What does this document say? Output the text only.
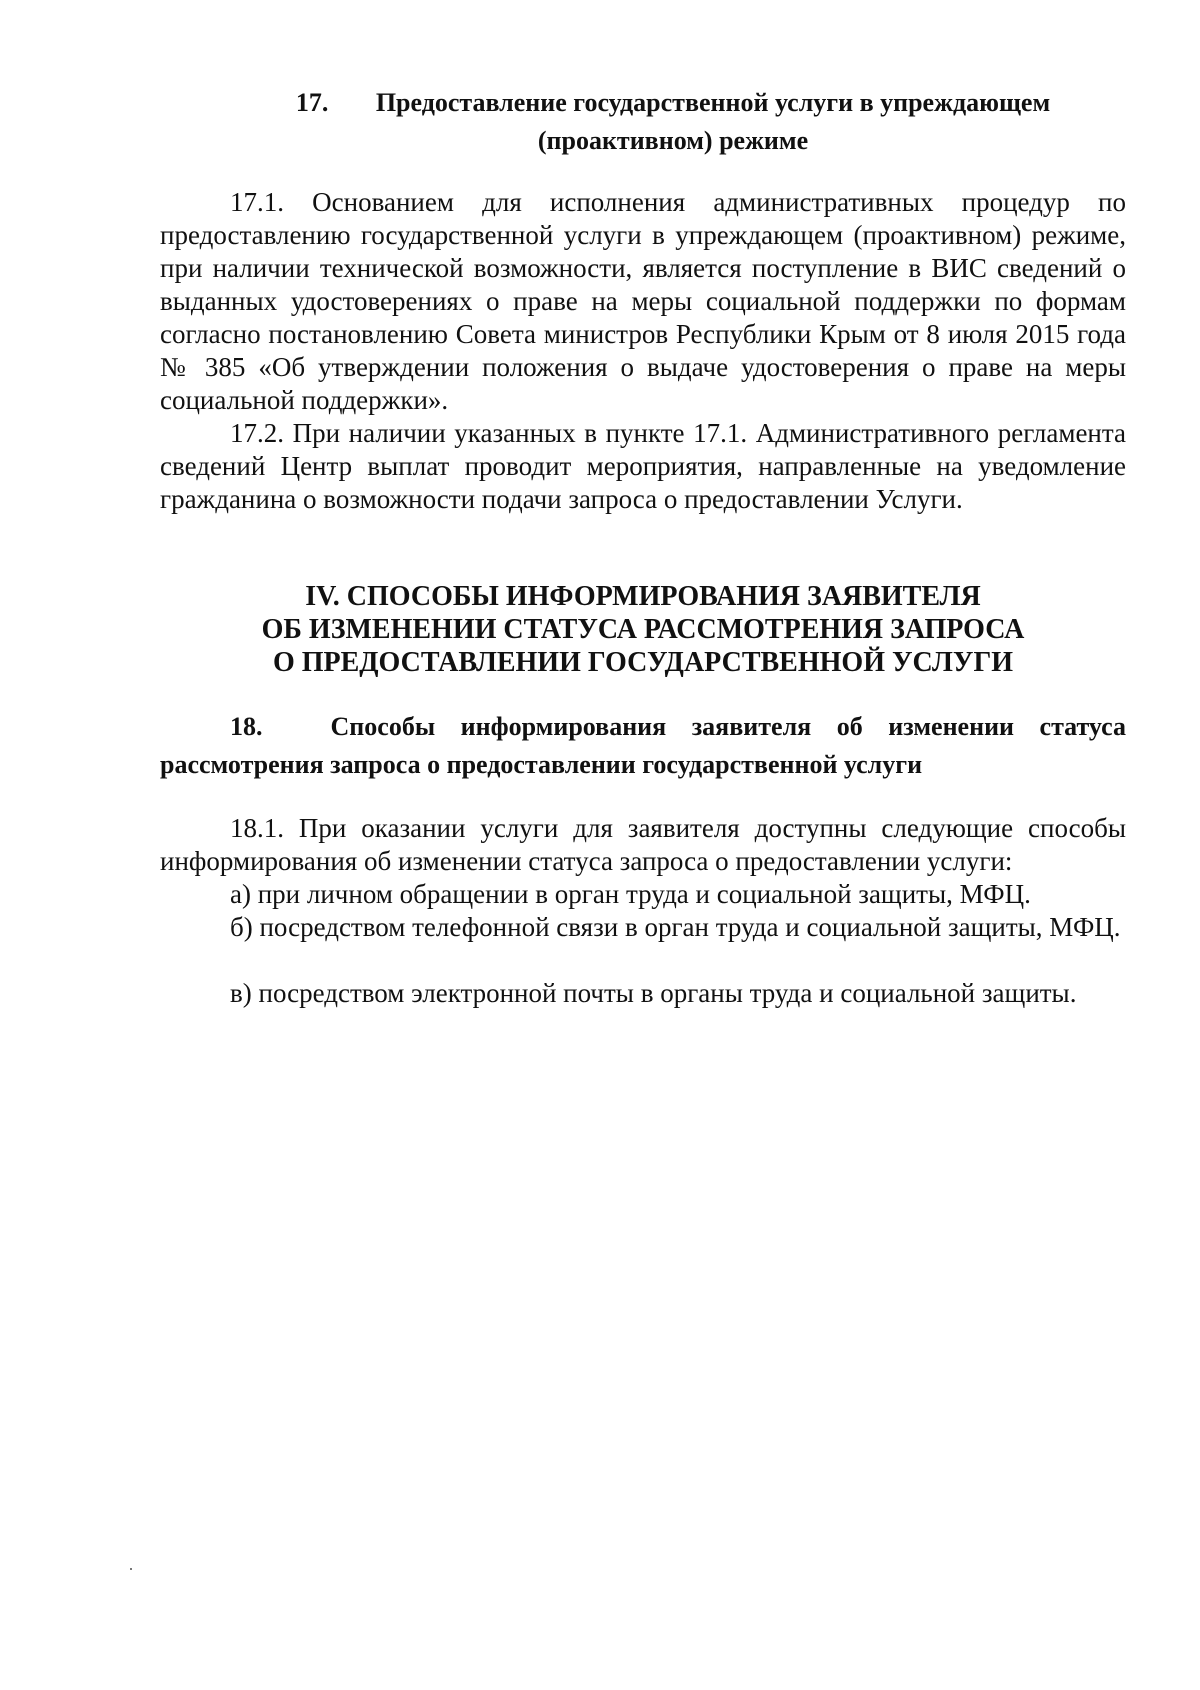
17. Предоставление государственной услуги в упреждающем
(проактивном) режиме
17.1. Основанием для исполнения административных процедур по предоставлению государственной услуги в упреждающем (проактивном) режиме, при наличии технической возможности, является поступление в ВИС сведений о выданных удостоверениях о праве на меры социальной поддержки по формам согласно постановлению Совета министров Республики Крым от 8 июля 2015 года № 385 «Об утверждении положения о выдаче удостоверения о праве на меры социальной поддержки».
17.2. При наличии указанных в пункте 17.1. Административного регламента сведений Центр выплат проводит мероприятия, направленные на уведомление гражданина о возможности подачи запроса о предоставлении Услуги.
IV. СПОСОБЫ ИНФОРМИРОВАНИЯ ЗАЯВИТЕЛЯ
ОБ ИЗМЕНЕНИИ СТАТУСА РАССМОТРЕНИЯ ЗАПРОСА
О ПРЕДОСТАВЛЕНИИ ГОСУДАРСТВЕННОЙ УСЛУГИ
18.	Способы информирования заявителя об изменении статуса рассмотрения запроса о предоставлении государственной услуги
18.1. При оказании услуги для заявителя доступны следующие способы информирования об изменении статуса запроса о предоставлении услуги:
а) при личном обращении в орган труда и социальной защиты, МФЦ.
б) посредством телефонной связи в орган труда и социальной защиты, МФЦ.
в) посредством электронной почты в органы труда и социальной защиты.
